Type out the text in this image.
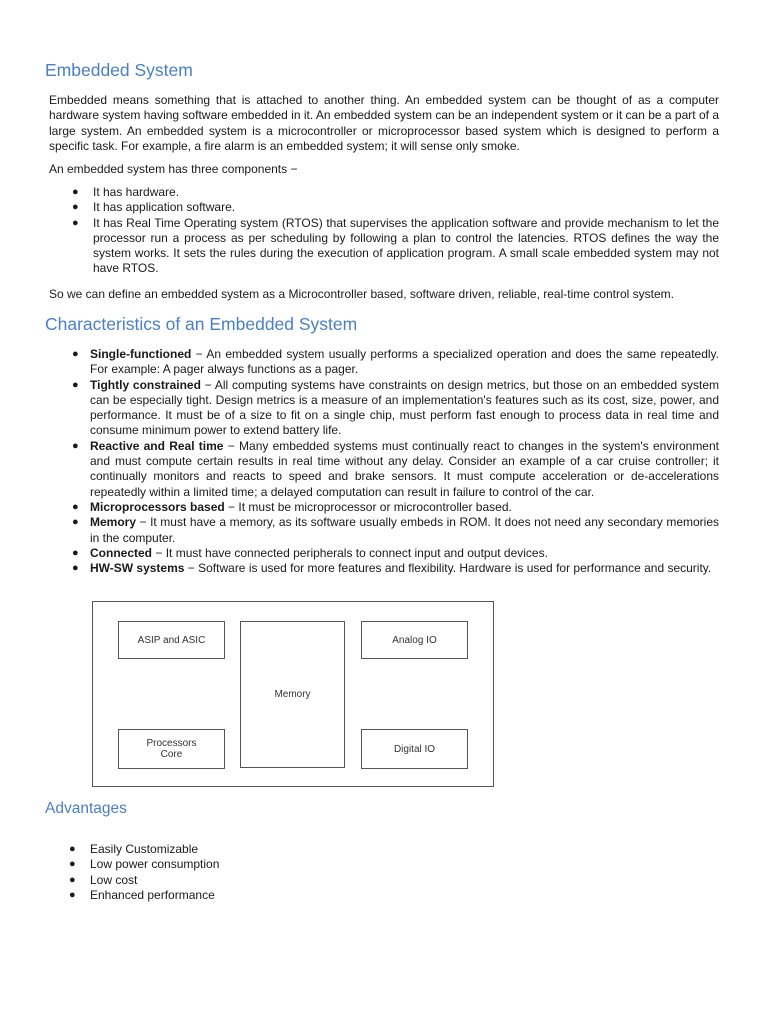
Embedded System

Embedded means something that is attached to another thing. An embedded system can be thought of as a computer hardware system having software embedded in it. An embedded system can be an independent system or it can be a part of a large system. An embedded system is a microcontroller or microprocessor based system which is designed to perform a specific task. For example, a fire alarm is an embedded system; it will sense only smoke.

An embedded system has three components −

● It has hardware.
● It has application software.
● It has Real Time Operating system (RTOS) that supervises the application software and provide mechanism to let the processor run a process as per scheduling by following a plan to control the latencies. RTOS defines the way the system works. It sets the rules during the execution of application program. A small scale embedded system may not have RTOS.

So we can define an embedded system as a Microcontroller based, software driven, reliable, real-time control system.

Characteristics of an Embedded System
● Single-functioned − An embedded system usually performs a specialized operation and does the same repeatedly. For example: A pager always functions as a pager.
● Tightly constrained − All computing systems have constraints on design metrics, but those on an embedded system can be especially tight. Design metrics is a measure of an implementation's features such as its cost, size, power, and performance. It must be of a size to fit on a single chip, must perform fast enough to process data in real time and consume minimum power to extend battery life.
● Reactive and Real time − Many embedded systems must continually react to changes in the system's environment and must compute certain results in real time without any delay. Consider an example of a car cruise controller; it continually monitors and reacts to speed and brake sensors. It must compute acceleration or de-accelerations repeatedly within a limited time; a delayed computation can result in failure to control of the car.
● Microprocessors based − It must be microprocessor or microcontroller based.
● Memory − It must have a memory, as its software usually embeds in ROM. It does not need any secondary memories in the computer.
● Connected − It must have connected peripherals to connect input and output devices.
● HW-SW systems − Software is used for more features and flexibility. Hardware is used for performance and security.
ASIP and ASIC
Memory
Analog IO
Processors
Core	Digital IO
Advantages
● Easily Customizable
● Low power consumption
● Low cost
● Enhanced performance
